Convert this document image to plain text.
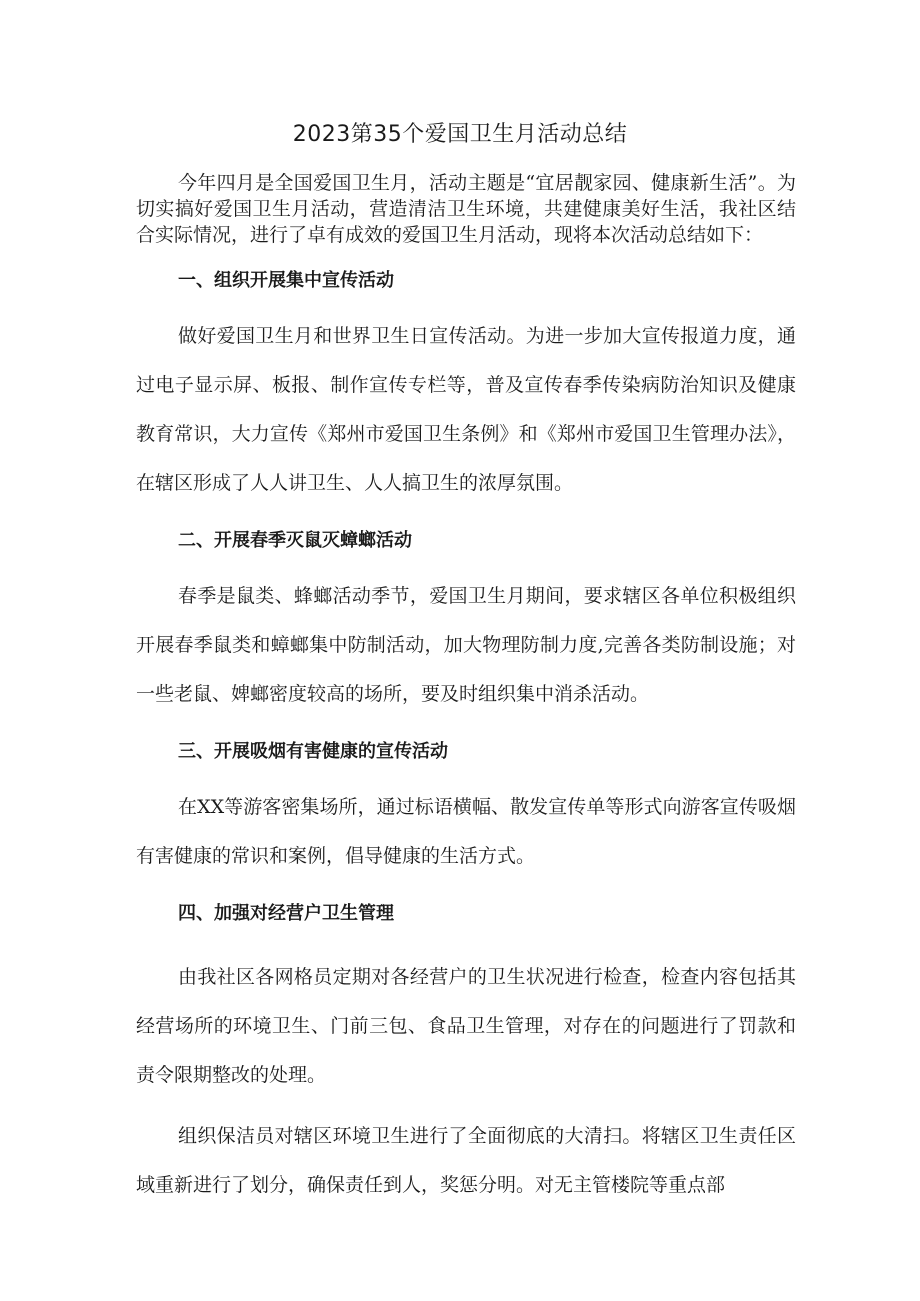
2023第35个爱国卫生月活动总结

今年四月是全国爱国卫生月，活动主题是“宜居靓家园、健康新生活”。为切实搞好爱国卫生月活动，营造清洁卫生环境，共建健康美好生活，我社区结合实际情况，进行了卓有成效的爱国卫生月活动，现将本次活动总结如下：

一、组织开展集中宣传活动

做好爱国卫生月和世界卫生日宣传活动。为进一步加大宣传报道力度，通过电子显示屏、板报、制作宣传专栏等，普及宣传春季传染病防治知识及健康教育常识，大力宣传《郑州市爱国卫生条例》和《郑州市爱国卫生管理办法》，在辖区形成了人人讲卫生、人人搞卫生的浓厚氛围。

二、开展春季灭鼠灭蟑螂活动

春季是鼠类、蜂螂活动季节，爱国卫生月期间，要求辖区各单位积极组织开展春季鼠类和蟑螂集中防制活动，加大物理防制力度,完善各类防制设施；对一些老鼠、婢螂密度较高的场所，要及时组织集中消杀活动。

三、开展吸烟有害健康的宣传活动

在XX等游客密集场所，通过标语横幅、散发宣传单等形式向游客宣传吸烟有害健康的常识和案例，倡导健康的生活方式。

四、加强对经营户卫生管理

由我社区各网格员定期对各经营户的卫生状况进行检查，检查内容包括其经营场所的环境卫生、门前三包、食品卫生管理，对存在的问题进行了罚款和责令限期整改的处理。

组织保洁员对辖区环境卫生进行了全面彻底的大清扫。将辖区卫生责任区域重新进行了划分，确保责任到人，奖惩分明。对无主管楼院等重点部
